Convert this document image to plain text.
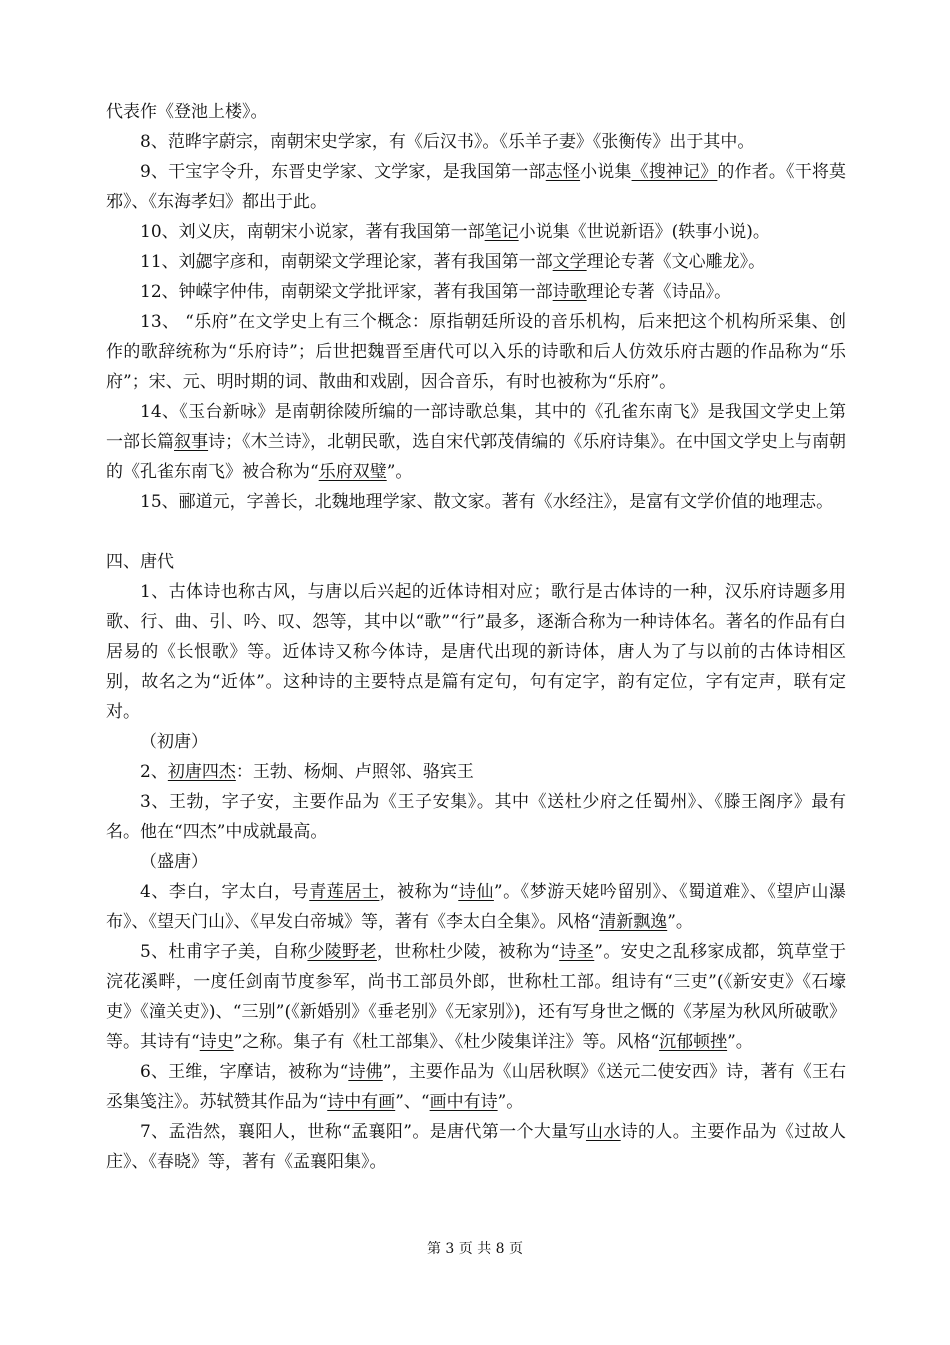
代表作《登池上楼》。

8、范晔字蔚宗，南朝宋史学家，有《后汉书》。《乐羊子妻》《张衡传》出于其中。

9、干宝字令升，东晋史学家、文学家，是我国第一部志怪小说集《搜神记》的作者。《干将莫邪》、《东海孝妇》都出于此。

10、刘义庆，南朝宋小说家，著有我国第一部笔记小说集《世说新语》(轶事小说)。

11、刘勰字彦和，南朝梁文学理论家，著有我国第一部文学理论专著《文心雕龙》。

12、钟嵘字仲伟，南朝梁文学批评家，著有我国第一部诗歌理论专著《诗品》。

13、 “乐府”在文学史上有三个概念：原指朝廷所设的音乐机构，后来把这个机构所采集、创作的歌辞统称为“乐府诗”；后世把魏晋至唐代可以入乐的诗歌和后人仿效乐府古题的作品称为“乐府”；宋、元、明时期的词、散曲和戏剧，因合音乐，有时也被称为“乐府”。

14、《玉台新咏》是南朝徐陵所编的一部诗歌总集，其中的《孔雀东南飞》是我国文学史上第一部长篇叙事诗；《木兰诗》，北朝民歌，选自宋代郭茂倩编的《乐府诗集》。在中国文学史上与南朝的《孔雀东南飞》被合称为“乐府双璧”。

15、郦道元，字善长，北魏地理学家、散文家。著有《水经注》，是富有文学价值的地理志。

四、唐代

1、古体诗也称古风，与唐以后兴起的近体诗相对应；歌行是古体诗的一种，汉乐府诗题多用歌、行、曲、引、吟、叹、怨等，其中以“歌”“行”最多，逐渐合称为一种诗体名。著名的作品有白居易的《长恨歌》等。近体诗又称今体诗，是唐代出现的新诗体，唐人为了与以前的古体诗相区别，故名之为“近体”。这种诗的主要特点是篇有定句，句有定字，韵有定位，字有定声，联有定对。

（初唐）

2、初唐四杰：王勃、杨炯、卢照邻、骆宾王

3、王勃，字子安，主要作品为《王子安集》。其中《送杜少府之任蜀州》、《滕王阁序》最有名。他在“四杰”中成就最高。

（盛唐）

4、李白，字太白，号青莲居士，被称为“诗仙”。《梦游天姥吟留别》、《蜀道难》、《望庐山瀑布》、《望天门山》、《早发白帝城》等，著有《李太白全集》。风格“清新飘逸”。

5、杜甫字子美，自称少陵野老，世称杜少陵，被称为“诗圣”。安史之乱移家成都，筑草堂于浣花溪畔，一度任剑南节度参军，尚书工部员外郎，世称杜工部。组诗有“三吏”(《新安吏》《石壕吏》《潼关吏》)、“三别”(《新婚别》《垂老别》《无家别》)，还有写身世之慨的《茅屋为秋风所破歌》等。其诗有“诗史”之称。集子有《杜工部集》、《杜少陵集详注》等。风格“沉郁顿挫”。

6、王维，字摩诘，被称为“诗佛”，主要作品为《山居秋暝》《送元二使安西》诗，著有《王右丞集笺注》。苏轼赞其作品为“诗中有画”、“画中有诗”。

7、孟浩然，襄阳人，世称“孟襄阳”。是唐代第一个大量写山水诗的人。主要作品为《过故人庄》、《春晓》等，著有《孟襄阳集》。

第 3 页 共 8 页
